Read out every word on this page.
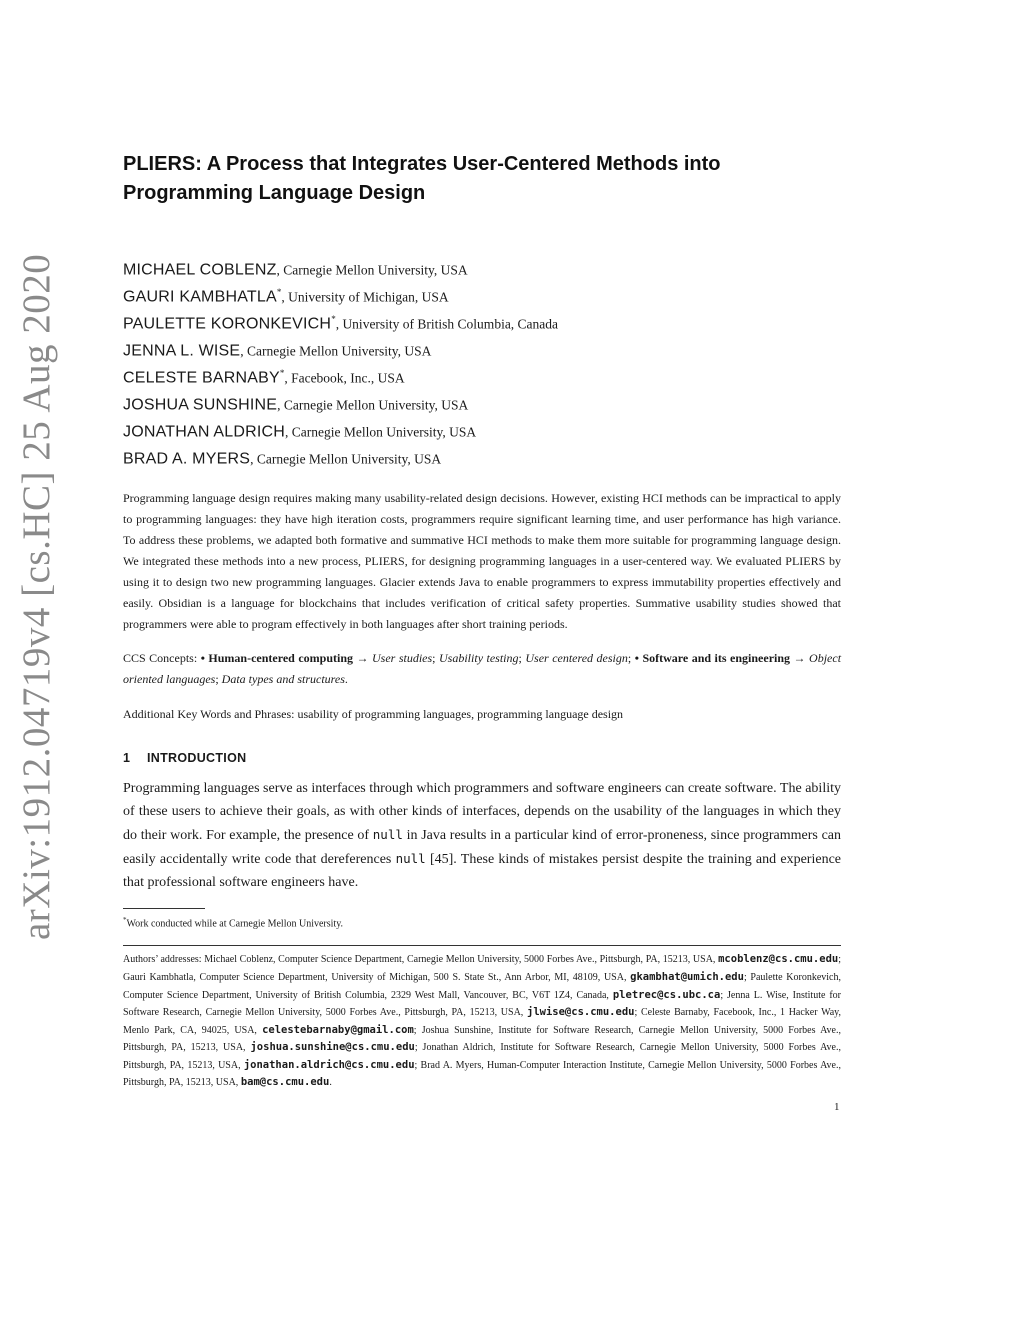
arXiv:1912.04719v4 [cs.HC] 25 Aug 2020
PLIERS: A Process that Integrates User-Centered Methods into Programming Language Design
MICHAEL COBLENZ, Carnegie Mellon University, USA
GAURI KAMBHATLA*, University of Michigan, USA
PAULETTE KORONKEVICH*, University of British Columbia, Canada
JENNA L. WISE, Carnegie Mellon University, USA
CELESTE BARNABY*, Facebook, Inc., USA
JOSHUA SUNSHINE, Carnegie Mellon University, USA
JONATHAN ALDRICH, Carnegie Mellon University, USA
BRAD A. MYERS, Carnegie Mellon University, USA
Programming language design requires making many usability-related design decisions. However, existing HCI methods can be impractical to apply to programming languages: they have high iteration costs, programmers require significant learning time, and user performance has high variance. To address these problems, we adapted both formative and summative HCI methods to make them more suitable for programming language design. We integrated these methods into a new process, PLIERS, for designing programming languages in a user-centered way. We evaluated PLIERS by using it to design two new programming languages. Glacier extends Java to enable programmers to express immutability properties effectively and easily. Obsidian is a language for blockchains that includes verification of critical safety properties. Summative usability studies showed that programmers were able to program effectively in both languages after short training periods.
CCS Concepts: • Human-centered computing → User studies; Usability testing; User centered design; • Software and its engineering → Object oriented languages; Data types and structures.
Additional Key Words and Phrases: usability of programming languages, programming language design
1 INTRODUCTION
Programming languages serve as interfaces through which programmers and software engineers can create software. The ability of these users to achieve their goals, as with other kinds of interfaces, depends on the usability of the languages in which they do their work. For example, the presence of null in Java results in a particular kind of error-proneness, since programmers can easily accidentally write code that dereferences null [45]. These kinds of mistakes persist despite the training and experience that professional software engineers have.
*Work conducted while at Carnegie Mellon University.
Authors’ addresses: Michael Coblenz, Computer Science Department, Carnegie Mellon University, 5000 Forbes Ave., Pittsburgh, PA, 15213, USA, mcoblenz@cs.cmu.edu; Gauri Kambhatla, Computer Science Department, University of Michigan, 500 S. State St., Ann Arbor, MI, 48109, USA, gkambhat@umich.edu; Paulette Koronkevich, Computer Science Department, University of British Columbia, 2329 West Mall, Vancouver, BC, V6T 1Z4, Canada, pletrec@cs.ubc.ca; Jenna L. Wise, Institute for Software Research, Carnegie Mellon University, 5000 Forbes Ave., Pittsburgh, PA, 15213, USA, jlwise@cs.cmu.edu; Celeste Barnaby, Facebook, Inc., 1 Hacker Way, Menlo Park, CA, 94025, USA, celestebarnaby@gmail.com; Joshua Sunshine, Institute for Software Research, Carnegie Mellon University, 5000 Forbes Ave., Pittsburgh, PA, 15213, USA, joshua.sunshine@cs.cmu.edu; Jonathan Aldrich, Institute for Software Research, Carnegie Mellon University, 5000 Forbes Ave., Pittsburgh, PA, 15213, USA, jonathan.aldrich@cs.cmu.edu; Brad A. Myers, Human-Computer Interaction Institute, Carnegie Mellon University, 5000 Forbes Ave., Pittsburgh, PA, 15213, USA, bam@cs.cmu.edu.
1
